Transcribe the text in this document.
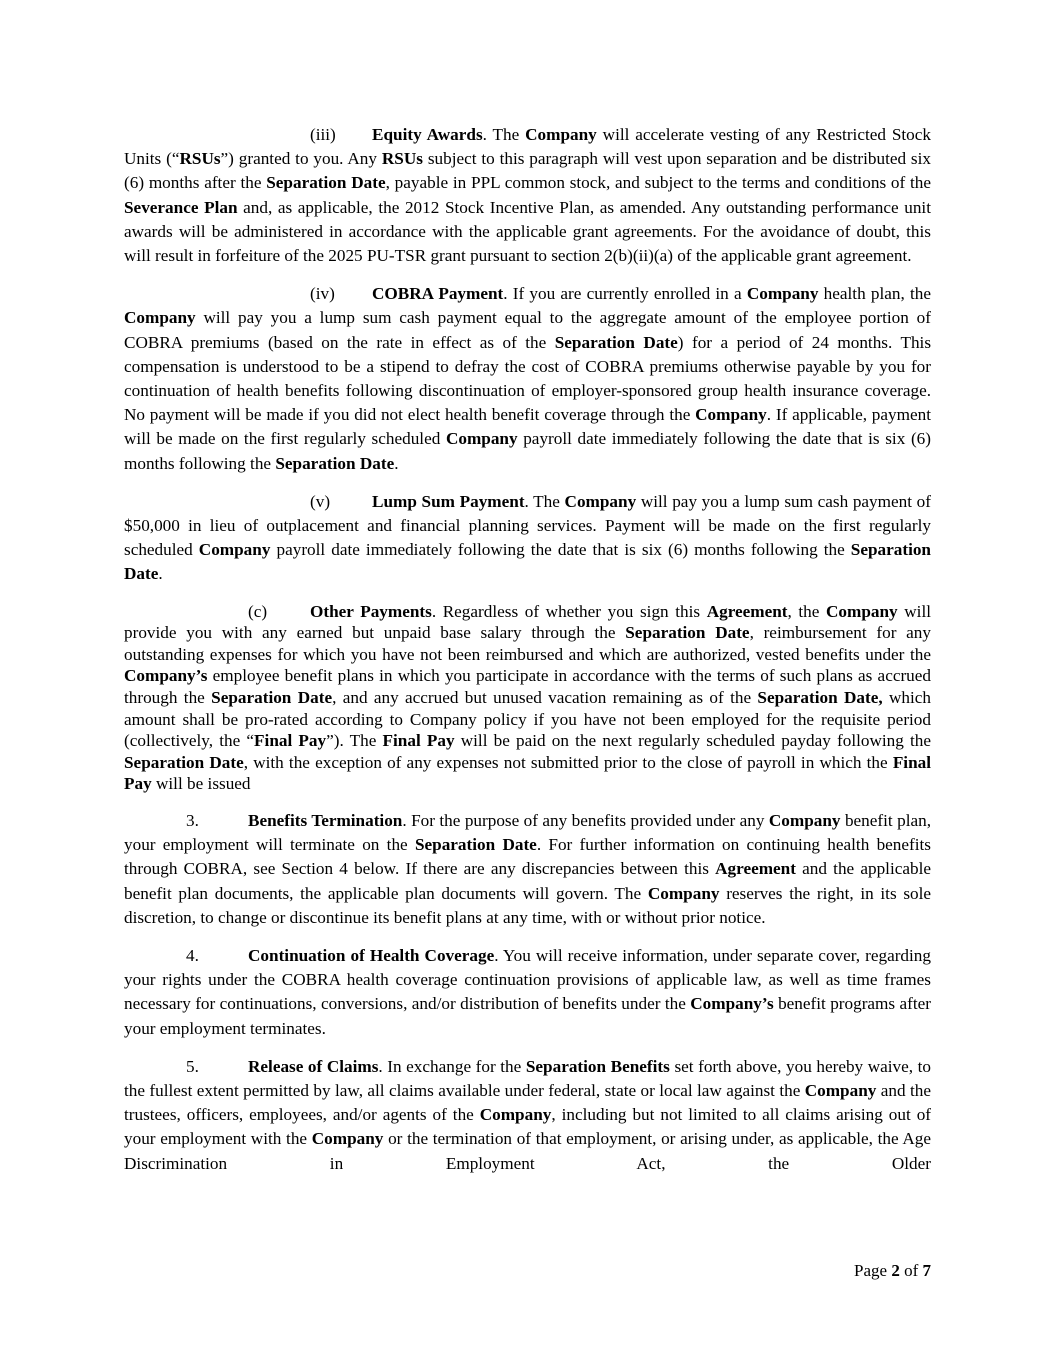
(iii) Equity Awards. The Company will accelerate vesting of any Restricted Stock Units (“RSUs”) granted to you. Any RSUs subject to this paragraph will vest upon separation and be distributed six (6) months after the Separation Date, payable in PPL common stock, and subject to the terms and conditions of the Severance Plan and, as applicable, the 2012 Stock Incentive Plan, as amended. Any outstanding performance unit awards will be administered in accordance with the applicable grant agreements. For the avoidance of doubt, this will result in forfeiture of the 2025 PU-TSR grant pursuant to section 2(b)(ii)(a) of the applicable grant agreement.

(iv) COBRA Payment. If you are currently enrolled in a Company health plan, the Company will pay you a lump sum cash payment equal to the aggregate amount of the employee portion of COBRA premiums (based on the rate in effect as of the Separation Date) for a period of 24 months. This compensation is understood to be a stipend to defray the cost of COBRA premiums otherwise payable by you for continuation of health benefits following discontinuation of employer-sponsored group health insurance coverage. No payment will be made if you did not elect health benefit coverage through the Company. If applicable, payment will be made on the first regularly scheduled Company payroll date immediately following the date that is six (6) months following the Separation Date.

(v) Lump Sum Payment. The Company will pay you a lump sum cash payment of $50,000 in lieu of outplacement and financial planning services. Payment will be made on the first regularly scheduled Company payroll date immediately following the date that is six (6) months following the Separation Date.

(c) Other Payments. Regardless of whether you sign this Agreement, the Company will provide you with any earned but unpaid base salary through the Separation Date, reimbursement for any outstanding expenses for which you have not been reimbursed and which are authorized, vested benefits under the Company’s employee benefit plans in which you participate in accordance with the terms of such plans as accrued through the Separation Date, and any accrued but unused vacation remaining as of the Separation Date, which amount shall be pro-rated according to Company policy if you have not been employed for the requisite period (collectively, the “Final Pay”). The Final Pay will be paid on the next regularly scheduled payday following the Separation Date, with the exception of any expenses not submitted prior to the close of payroll in which the Final Pay will be issued

3.	Benefits Termination. For the purpose of any benefits provided under any Company benefit plan, your employment will terminate on the Separation Date. For further information on continuing health benefits through COBRA, see Section 4 below. If there are any discrepancies between this Agreement and the applicable benefit plan documents, the applicable plan documents will govern. The Company reserves the right, in its sole discretion, to change or discontinue its benefit plans at any time, with or without prior notice.

4.	Continuation of Health Coverage. You will receive information, under separate cover, regarding your rights under the COBRA health coverage continuation provisions of applicable law, as well as time frames necessary for continuations, conversions, and/or distribution of benefits under the Company’s benefit programs after your employment terminates.

5.	Release of Claims. In exchange for the Separation Benefits set forth above, you hereby waive, to the fullest extent permitted by law, all claims available under federal, state or local law against the Company and the trustees, officers, employees, and/or agents of the Company, including but not limited to all claims arising out of your employment with the Company or the termination of that employment, or arising under, as applicable, the Age Discrimination in Employment Act, the Older

Page 2 of 7
